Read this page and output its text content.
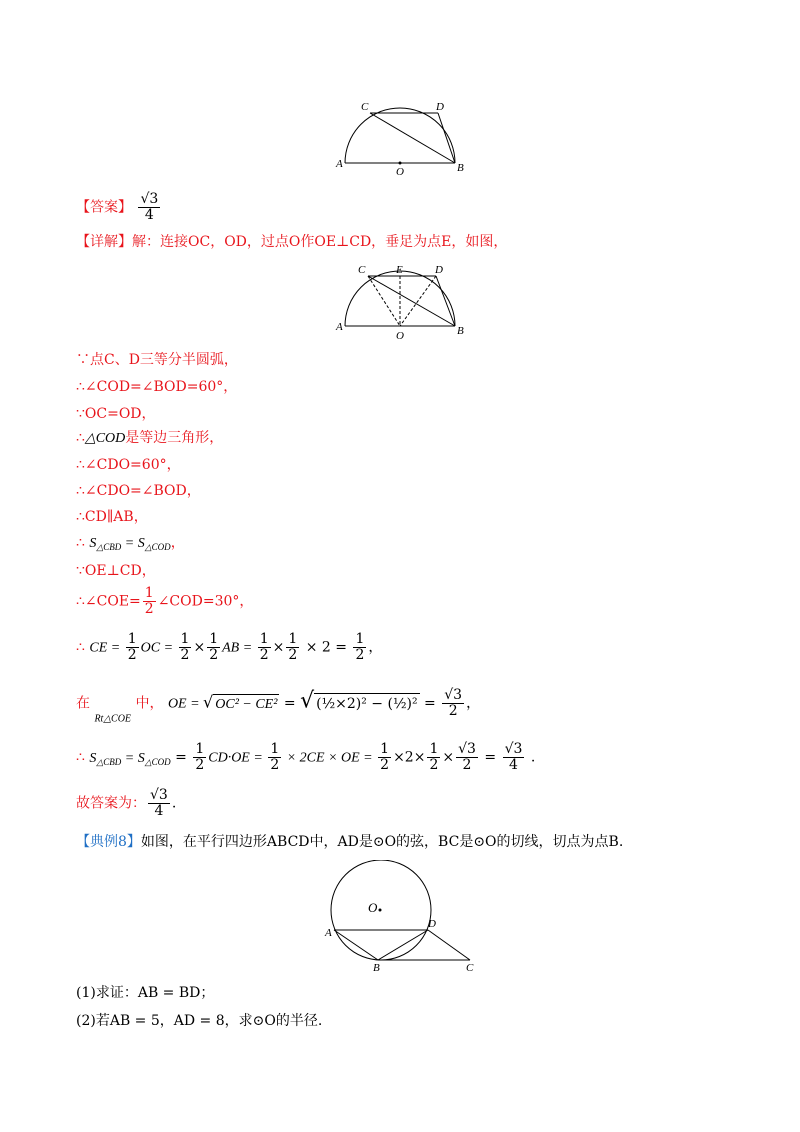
C	D
A
O	B
【答案】 $\frac{√3}{4}$
【详解】解：连接OC，OD，过点O作OE⊥CD，垂足为点E，如图，
C	E	D
A
O	B
∵点C、D三等分半圆弧，
∴∠COD=∠BOD=60°，
∵OC=OD，
∴△COD是等边三角形，
∴∠CDO=60°，
∴∠CDO=∠BOD，
∴CD∥AB，
∴ $S_{\triangle CBD} = S_{\triangle COD}$，
∵OE⊥CD，
∴∠COE= $\frac{1}{2}$ ∠COD=30°，
∴ CE = $\frac{1}{2}$ OC = $\frac{1}{2} \times \frac{1}{2}$ AB = $\frac{1}{2} \times \frac{1}{2} \times 2 = \frac{1}{2}$ ，
在 $_{Rt\triangle COE}$ 中， OE = √ OC² − CE² = √ (½×2)² − (½)² = $\frac{√3}{2}$ ，
∴ $S_{\triangle CBD} = S_{\triangle COD} = \frac{1}{2} CD\cdot OE = \frac{1}{2} \times 2CE$ × OE = $\frac{1}{2} \times 2\times \frac{1}{2} \times \frac{√3}{2} = \frac{√3}{4}$ .
故答案为： $\frac{√3}{4}$ .
【典例8】如图，在平行四边形ABCD中，AD是⊙O的弦，BC是⊙O的切线，切点为点B.
O
A
D
B	C
(1)求证：AB = BD；
(2)若AB = 5，AD = 8，求⊙O的半径.
